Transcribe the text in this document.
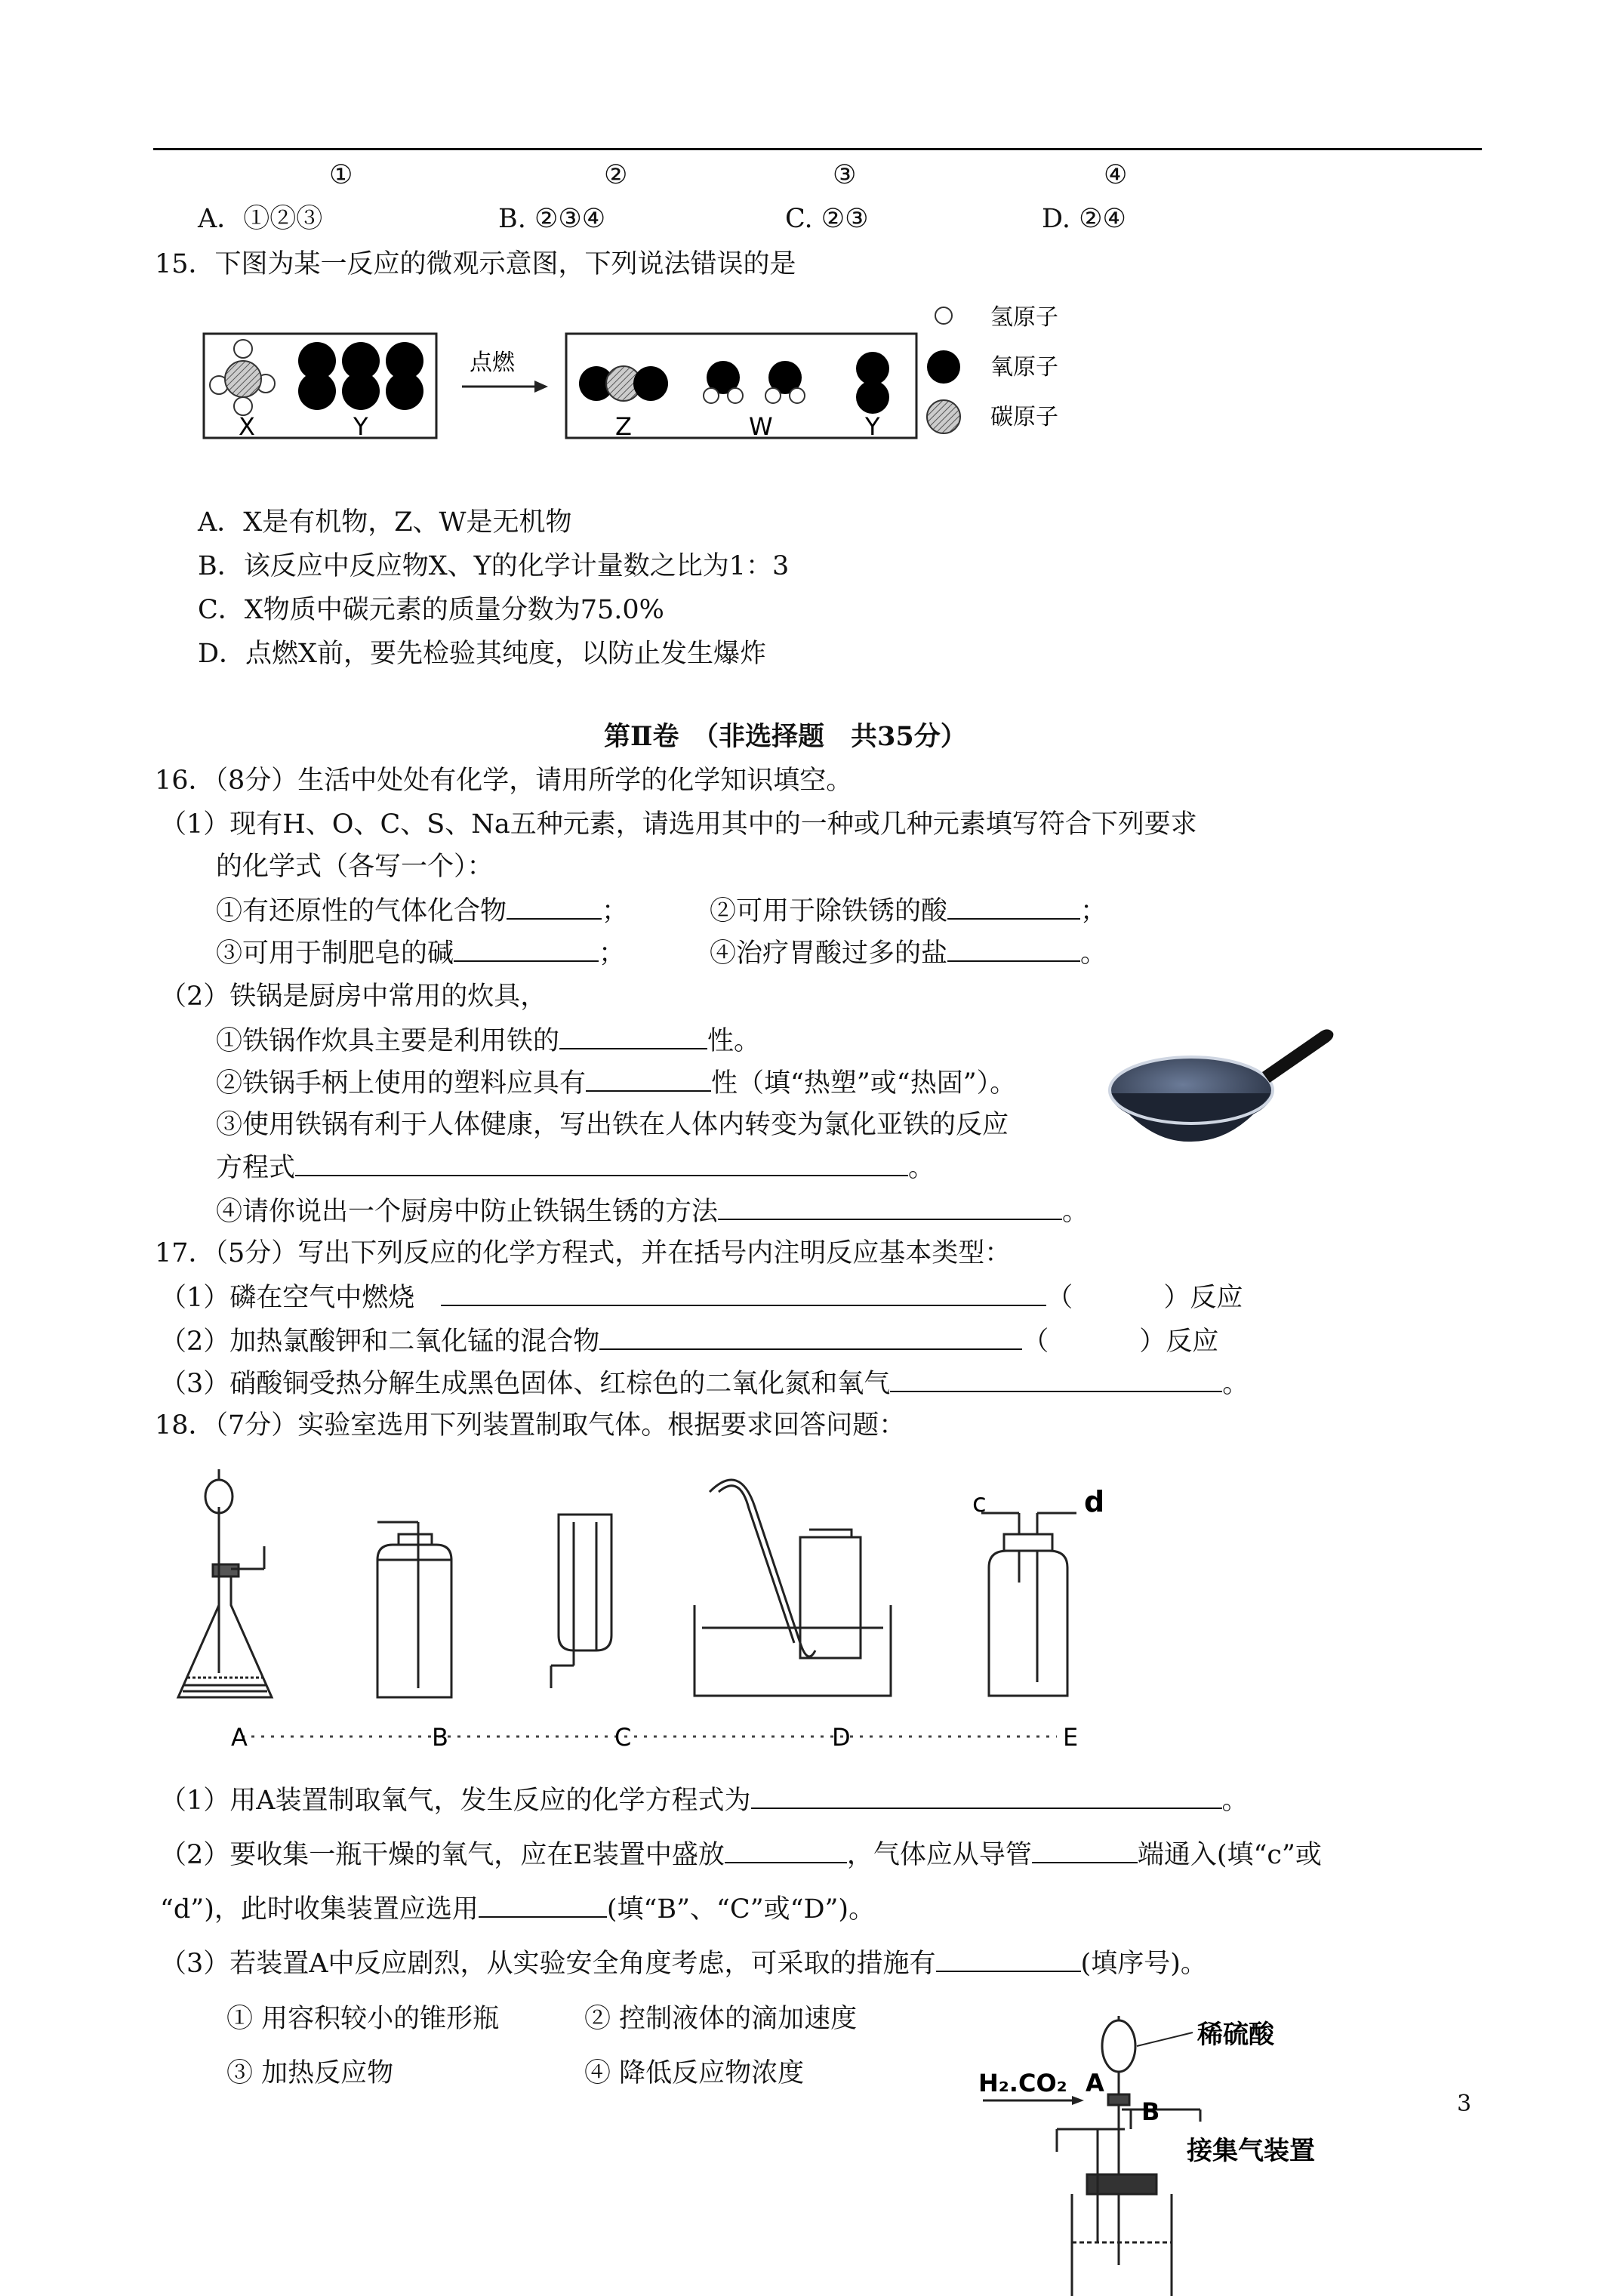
①	②	③	④
A．①②③	B. ②③④	C. ②③	D. ②④
15．下图为某一反应的微观示意图，下列说法错误的是
X	Y
点燃
Z	W	Y
氢原子
氧原子
碳原子
A．X是有机物，Z、W是无机物
B．该反应中反应物X、Y的化学计量数之比为1：3
C．X物质中碳元素的质量分数为75.0%
D．点燃X前，要先检验其纯度，以防止发生爆炸
第Ⅱ卷　（非选择题　共35分）
16．（8分）生活中处处有化学，请用所学的化学知识填空。
（1）现有H、O、C、S、Na五种元素，请选用其中的一种或几种元素填写符合下列要求
的化学式（各写一个）：
①有还原性的气体化合物	；	②可用于除铁锈的酸	；
③可用于制肥皂的碱	；	④治疗胃酸过多的盐	。
（2）铁锅是厨房中常用的炊具，
①铁锅作炊具主要是利用铁的	性。
②铁锅手柄上使用的塑料应具有	性（填“热塑”或“热固”）。
③使用铁锅有利于人体健康，写出铁在人体内转变为氯化亚铁的反应
方程式	。
④请你说出一个厨房中防止铁锅生锈的方法	。
17．（5分）写出下列反应的化学方程式，并在括号内注明反应基本类型：
（1）磷在空气中燃烧　	（	）反应
（2）加热氯酸钾和二氧化锰的混合物	（	）反应
（3）硝酸铜受热分解生成黑色固体、红棕色的二氧化氮和氧气	。
18．（7分）实验室选用下列装置制取气体。根据要求回答问题：
c	d
A	B	C	D	E
（1）用A装置制取氧气，发生反应的化学方程式为	。
（2）要收集一瓶干燥的氧气，应在E装置中盛放	，气体应从导管	端通入(填“c”或
“d”)，此时收集装置应选用	(填“B”、“C”或“D”)。
（3）若装置A中反应剧烈，从实验安全角度考虑，可采取的措施有	(填序号)。
① 用容积较小的锥形瓶	② 控制液体的滴加速度
③ 加热反应物	④ 降低反应物浓度
稀硫酸
H₂.CO₂ A
B
接集气装置
3
